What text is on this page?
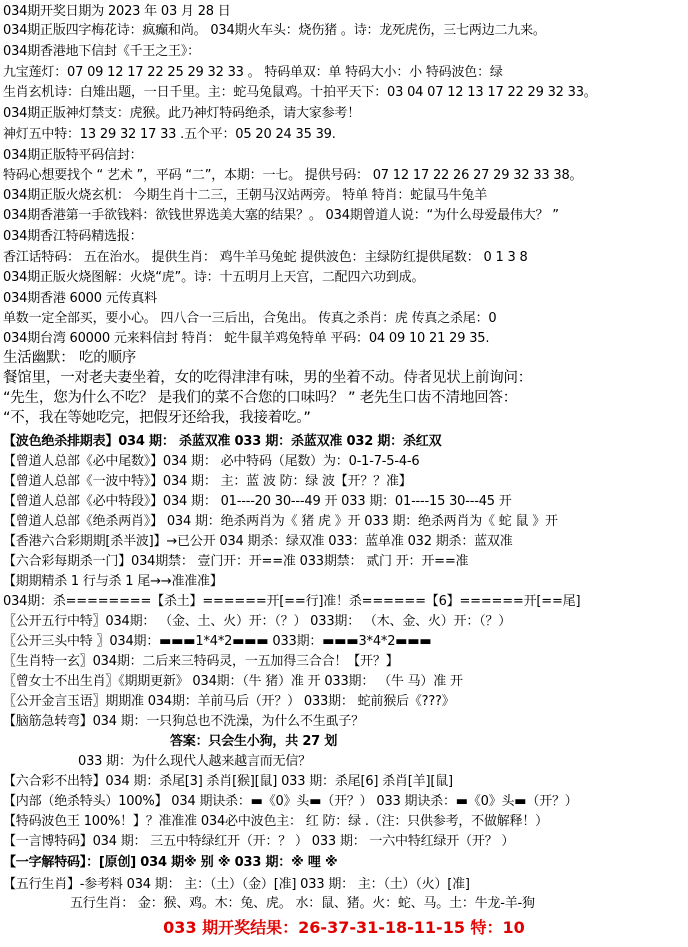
034期开奖日期为 2023 年 03 月 28 日
034期正版四字梅花诗：疯癫和尚。 034期火车头：烧伤猪 。诗：龙死虎伤，三七两边二九来。
034期香港地下信封《千王之王》：
九宝莲灯：07 09 12 17 22 25 29 32 33 。 特码单双：单 特码大小：小 特码波色：绿
生肖玄机诗：白雉出题，一日千里。主：蛇马兔鼠鸡。十拍平天下：03 04 07 12 13 17 22 29 32 33。
034期正版神灯禁支：虎猴。此乃神灯特码绝杀，请大家参考！
神灯五中特：13 29 32 17 33 .五个平：05 20 24 35 39.
034期正版特平码信封：
特码心想要找个 “ 艺术 ”，平码 “二”，本期：一七。 提供号码： 07 12 17 22 26 27 29 32 33 38。
034期正版火烧玄机： 今期生肖十二三，王朝马汉站两旁。 特单 特肖：蛇鼠马牛兔羊
034期香港第一手欲钱料：欲钱世界选美大塞的结果？。 034期曾道人说：“为什么母爱最伟大？ ”
034期香江特码精选报：
香江话特码： 五在治水。 提供生肖： 鸡牛羊马兔蛇 提供波色：主绿防红提供尾数： 0 1 3 8
034期正版火烧图解：火烧“虎”。诗：十五明月上天宫，二配四六功到成。
034期香港 6000 元传真料
单数一定全部买，要小心。 四八合一三后出，合兔出。 传真之杀肖：虎 传真之杀尾：0
034期台湾 60000 元来料信封 特肖： 蛇牛鼠羊鸡兔特单 平码：04 09 10 21 29 35.
生活幽默： 吃的顺序
餐馆里，一对老夫妻坐着，女的吃得津津有味，男的坐着不动。侍者见状上前询问：
“先生，您为什么不吃？ 是我们的菜不合您的口味吗？ ” 老先生口齿不清地回答：
“不，我在等她吃完，把假牙还给我，我接着吃。”
【波色绝杀排期表】034 期： 杀蓝双准 033 期：杀蓝双准 032 期：杀红双
【曾道人总部《必中尾数》】034 期： 必中特码（尾数）为：0-1-7-5-4-6
【曾道人总部《一波中特》】034 期： 主：蓝 波 防：绿 波【开？？准】
【曾道人总部《必中特段》】034 期： 01----20 30---49 开 033 期：01----15 30---45 开
【曾道人总部《绝杀两肖》】 034 期：绝杀两肖为《 猪 虎 》开 033 期：绝杀两肖为《 蛇 鼠 》开
【香港六合彩期期[杀半波]】→已公开 034 期杀：绿双准 033：蓝单准 032 期杀：蓝双准
【六合彩每期杀一门】034期禁： 壹门开：开==准 033期禁： 贰门 开：开==准
【期期精杀 1 行与杀 1 尾→→准准准】
034期：杀========【杀土】======开[==行]准！杀======【6】======开[==尾]
〖公开五行中特〗034期： （金、土、火）开：（？） 033期： （木、金、火）开：（？）
〖公开三头中特 〗034期：▬▬▬1*4*2▬▬▬ 033期：▬▬▬3*4*2▬▬▬
〖生肖特一玄〗034期：二后来三特码灵，一五加得三合合！【开？】
〖曾女士不出生肖〗《期期更新》 034期：（牛 猪）准 开 033期： （牛 马）准 开
〖公开金言玉语〗期期准 034期：羊前马后（开？） 033期： 蛇前猴后《???》
【脑筋急转弯】034 期：一只狗总也不洗澡，为什么不生虱子？
答案：只会生小狗，共 27 划
033 期：为什么现代人越来越言而无信？
【六合彩不出特】034 期：杀尾[3] 杀肖[猴][鼠] 033 期：杀尾[6] 杀肖[羊][鼠]
【内部（绝杀特头）100%】 034 期诀杀：▬《0》头▬（开？） 033 期诀杀：▬《0》头▬（开？）
【特码波色王 100%！】？准准准 034必中波色主： 红 防：绿 .（注：只供参考，不做解释！）
【一言博特码】034 期： 三五中特绿红开（开：？ ） 033 期： 一六中特红绿开（开？ ）
【一字解特码】：[原创] 034 期※ 别 ※ 033 期：※ 哩 ※
【五行生肖】-参考料 034 期： 主：（土）（金）[准] 033 期： 主：（土）（火）[准]
五行生肖： 金：猴、鸡。木：兔、虎。 水：鼠、猪。火：蛇、马。土：牛龙-羊-狗
033 期开奖结果：26-37-31-18-11-15 特：10
